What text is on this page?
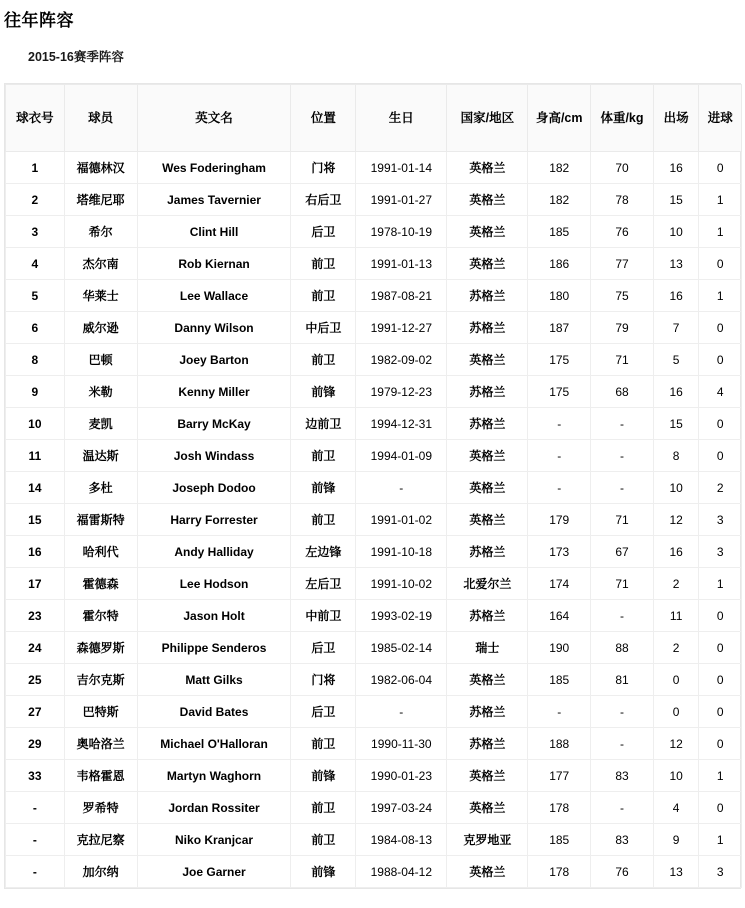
往年阵容
2015-16赛季阵容
球衣号	球员	英文名	位置	生日	国家/地区	身高/cm	体重/kg	出场	进球
1	福德林汉	Wes Foderingham	门将	1991-01-14	英格兰	182	70	16	0
2	塔维尼耶	James Tavernier	右后卫	1991-01-27	英格兰	182	78	15	1
3	希尔	Clint Hill	后卫	1978-10-19	英格兰	185	76	10	1
4	杰尔南	Rob Kiernan	前卫	1991-01-13	英格兰	186	77	13	0
5	华莱士	Lee Wallace	前卫	1987-08-21	苏格兰	180	75	16	1
6	威尔逊	Danny Wilson	中后卫	1991-12-27	苏格兰	187	79	7	0
8	巴顿	Joey Barton	前卫	1982-09-02	英格兰	175	71	5	0
9	米勒	Kenny Miller	前锋	1979-12-23	苏格兰	175	68	16	4
10	麦凯	Barry McKay	边前卫	1994-12-31	苏格兰	-	-	15	0
11	温达斯	Josh Windass	前卫	1994-01-09	英格兰	-	-	8	0
14	多杜	Joseph Dodoo	前锋	-	英格兰	-	-	10	2
15	福雷斯特	Harry Forrester	前卫	1991-01-02	英格兰	179	71	12	3
16	哈利代	Andy Halliday	左边锋	1991-10-18	苏格兰	173	67	16	3
17	霍德森	Lee Hodson	左后卫	1991-10-02	北爱尔兰	174	71	2	1
23	霍尔特	Jason Holt	中前卫	1993-02-19	苏格兰	164	-	11	0
24	森德罗斯	Philippe Senderos	后卫	1985-02-14	瑞士	190	88	2	0
25	吉尔克斯	Matt Gilks	门将	1982-06-04	英格兰	185	81	0	0
27	巴特斯	David Bates	后卫	-	苏格兰	-	-	0	0
29	奥哈洛兰	Michael O'Halloran	前卫	1990-11-30	苏格兰	188	-	12	0
33	韦格霍恩	Martyn Waghorn	前锋	1990-01-23	英格兰	177	83	10	1
-	罗希特	Jordan Rossiter	前卫	1997-03-24	英格兰	178	-	4	0
-	克拉尼察	Niko Kranjcar	前卫	1984-08-13	克罗地亚	185	83	9	1
-	加尔纳	Joe Garner	前锋	1988-04-12	英格兰	178	76	13	3
